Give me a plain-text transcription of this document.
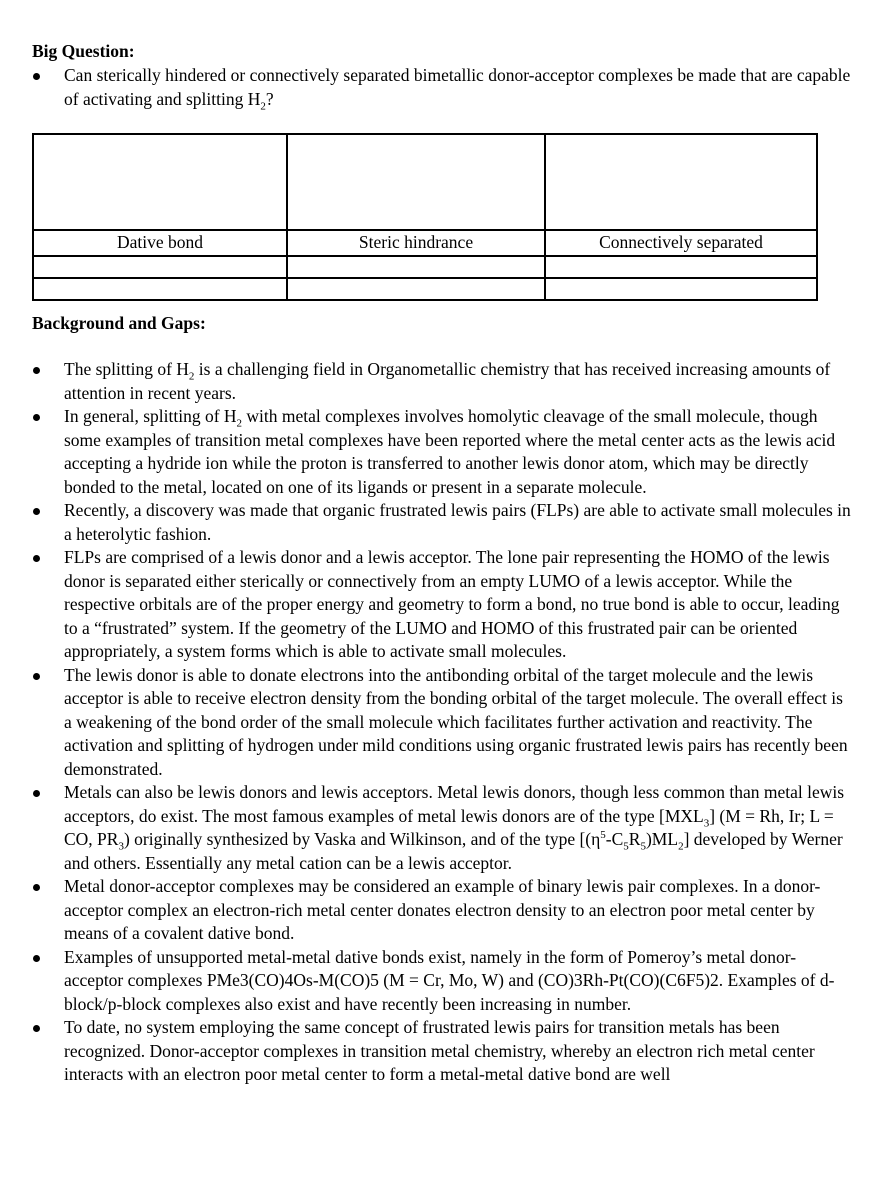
Big Question:
Can sterically hindered or connectively separated bimetallic donor-acceptor complexes be made that are capable of activating and splitting $H_2$?

Dative bond	Steric hindrance	Connectively separated

Background and Gaps:
The splitting of $H_2$ is a challenging field in Organometallic chemistry that has received increasing amounts of attention in recent years.
In general, splitting of $H_2$ with metal complexes involves homolytic cleavage of the small molecule, though some examples of transition metal complexes have been reported where the metal center acts as the lewis acid accepting a hydride ion while the proton is transferred to another lewis donor atom, which may be directly bonded to the metal, located on one of its ligands or present in a separate molecule.
Recently, a discovery was made that organic frustrated lewis pairs (FLPs) are able to activate small molecules in a heterolytic fashion.
FLPs are comprised of a lewis donor and a lewis acceptor. The lone pair representing the HOMO of the lewis donor is separated either sterically or connectively from an empty LUMO of a lewis acceptor. While the respective orbitals are of the proper energy and geometry to form a bond, no true bond is able to occur, leading to a “frustrated” system. If the geometry of the LUMO and HOMO of this frustrated pair can be oriented appropriately, a system forms which is able to activate small molecules.
The lewis donor is able to donate electrons into the antibonding orbital of the target molecule and the lewis acceptor is able to receive electron density from the bonding orbital of the target molecule. The overall effect is a weakening of the bond order of the small molecule which facilitates further activation and reactivity. The activation and splitting of hydrogen under mild conditions using organic frustrated lewis pairs has recently been demonstrated.
Metals can also be lewis donors and lewis acceptors. Metal lewis donors, though less common than metal lewis acceptors, do exist. The most famous examples of metal lewis donors are of the type $[MXL_3] (M = Rh$, Ir; L = CO, $PR_3$) originally synthesized by Vaska and Wilkinson, and of the type $[(\eta^5-C_5R_5)ML_2]$ developed by Werner and others. Essentially any metal cation can be a lewis acceptor.
Metal donor-acceptor complexes may be considered an example of binary lewis pair complexes. In a donor-acceptor complex an electron-rich metal center donates electron density to an electron poor metal center by means of a covalent dative bond.
Examples of unsupported metal-metal dative bonds exist, namely in the form of Pomeroy’s metal donor-acceptor complexes PMe3(CO)4Os-M(CO)5 (M = Cr, Mo, W) and (CO)3Rh-Pt(CO)(C6F5)2. Examples of d-block/p-block complexes also exist and have recently been increasing in number.
To date, no system employing the same concept of frustrated lewis pairs for transition metals has been recognized. Donor-acceptor complexes in transition metal chemistry, whereby an electron rich metal center interacts with an electron poor metal center to form a metal-metal dative bond are well
